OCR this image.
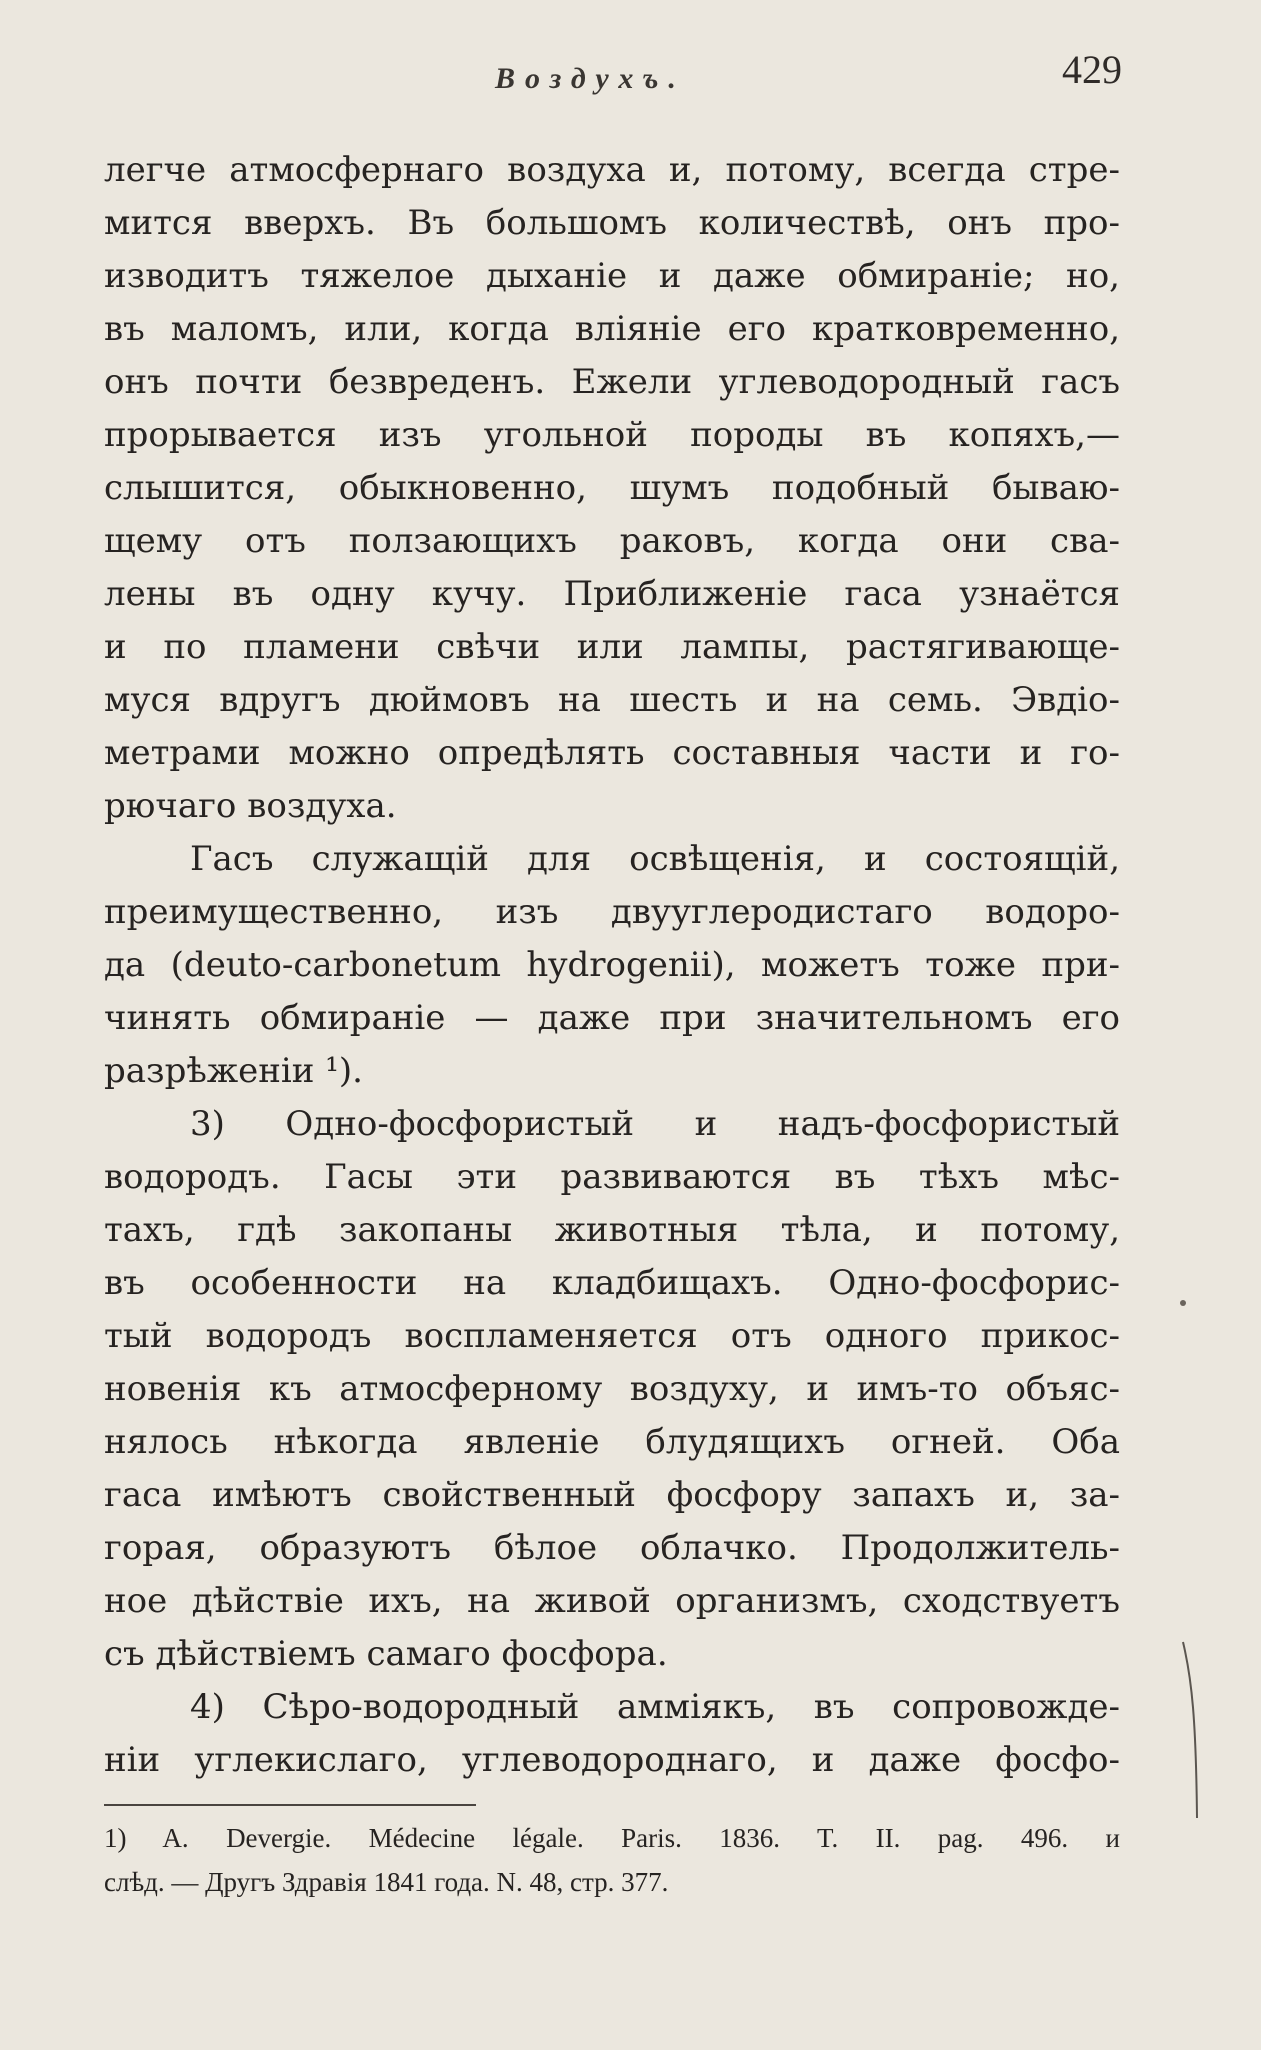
Воздухъ.	429
легче атмосфернаго воздуха и, потому, всегда стре-
мится вверхъ. Въ большомъ количествѣ, онъ про-
изводитъ тяжелое дыханіе и даже обмираніе; но,
въ маломъ, или, когда вліяніе его кратковременно,
онъ почти безвреденъ. Ежели углеводородный гасъ
прорывается изъ угольной породы въ копяхъ,—
слышится, обыкновенно, шумъ подобный бываю-
щему отъ ползающихъ раковъ, когда они сва-
лены въ одну кучу. Приближеніе гаса узнаётся
и по пламени свѣчи или лампы, растягивающе-
муся вдругъ дюймовъ на шесть и на семь. Эвдіо-
метрами можно опредѣлять составныя части и го-
рючаго воздуха.
Гасъ служащій для освѣщенія, и состоящій,
преимущественно, изъ двууглеродистаго водоро-
да (deuto-carbonetum hydrogenii), можетъ тоже при-
чинять обмираніе — даже при значительномъ его
разрѣженіи ¹).
3) Одно-фосфористый и надъ-фосфористый
водородъ. Гасы эти развиваются въ тѣхъ мѣс-
тахъ, гдѣ закопаны животныя тѣла, и потому,
въ особенности на кладбищахъ. Одно-фосфорис-
тый водородъ воспламеняется отъ одного прикос-
новенія къ атмосферному воздуху, и имъ-то объяс-
нялось нѣкогда явленіе блудящихъ огней. Оба
гаса имѣютъ свойственный фосфору запахъ и, за-
горая, образуютъ бѣлое облачко. Продолжитель-
ное дѣйствіе ихъ, на живой организмъ, сходствуетъ
съ дѣйствіемъ самаго фосфора.
4) Сѣро-водородный аммiякъ, въ сопровожде-
ніи углекислаго, углеводороднаго, и даже фосфо-
1) A. Devergie. Médecine légale. Paris. 1836. T. II. pag. 496. и
слѣд. — Другъ Здравія 1841 года. N. 48, стр. 377.
